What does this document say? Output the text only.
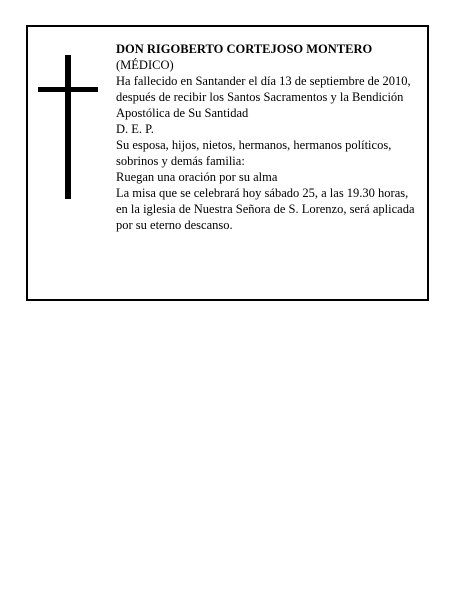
DON RIGOBERTO CORTEJOSO MONTERO

(MÉDICO)

Ha fallecido en Santander el día 13 de septiembre de 2010, después de recibir los Santos Sacramentos y la Bendición Apostólica de Su Santidad

D. E. P.

Su esposa, hijos, nietos, hermanos, hermanos políticos, sobrinos y demás familia:

Ruegan una oración por su alma

La misa que se celebrará hoy sábado 25, a las 19.30 horas, en la iglesia de Nuestra Señora de S. Lorenzo, será aplicada por su eterno descanso.
